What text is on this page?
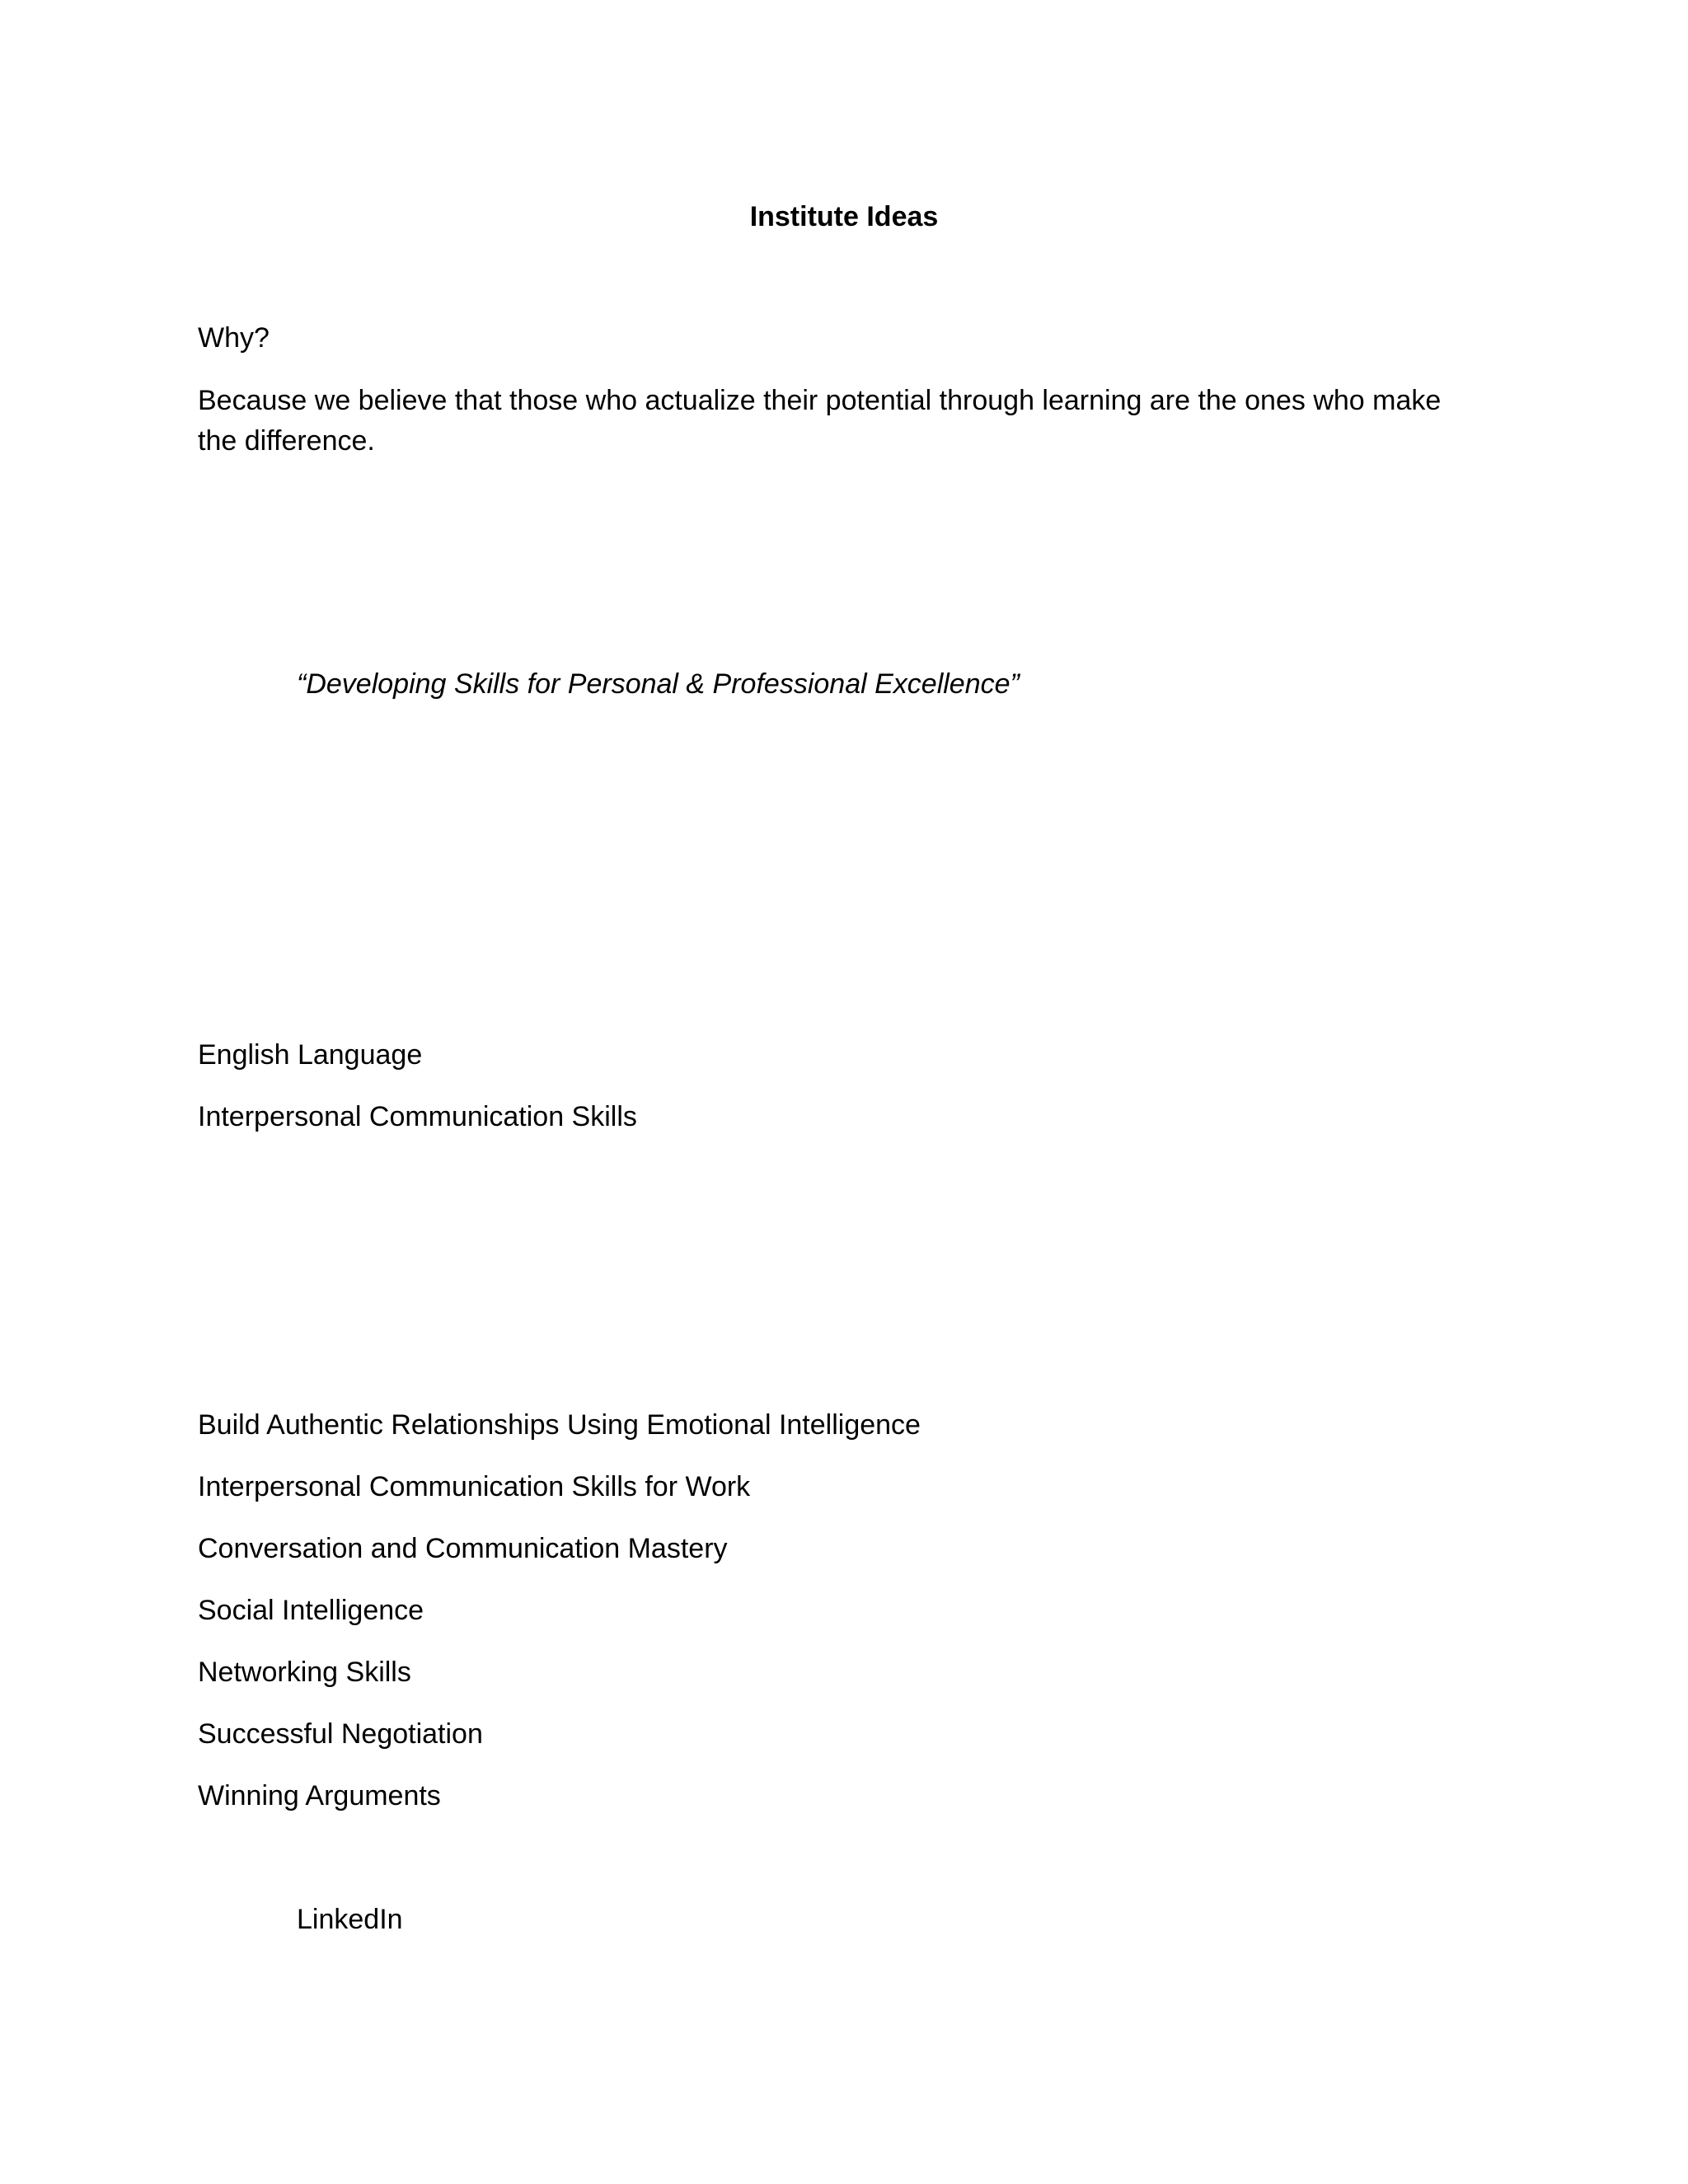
Institute Ideas

Why?

Because we believe that those who actualize their potential through learning are the ones who make the difference.

“Developing Skills for Personal & Professional Excellence”

English Language

Interpersonal Communication Skills

Build Authentic Relationships Using Emotional Intelligence

Interpersonal Communication Skills for Work

Conversation and Communication Mastery

Social Intelligence

Networking Skills

Successful Negotiation

Winning Arguments

LinkedIn
